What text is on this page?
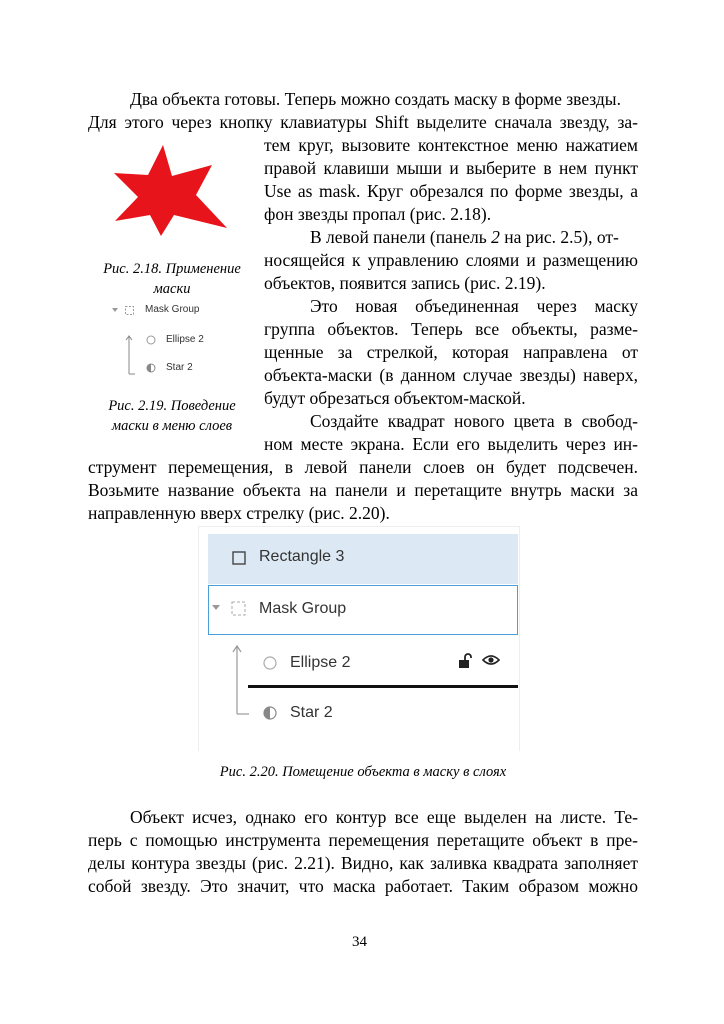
Два объекта готовы. Теперь можно создать маску в форме звезды.
Для этого через кнопку клавиатуры Shift выделите сначала звезду, за-
тем круг, вызовите контекстное меню нажатием
правой клавиши мыши и выберите в нем пункт
Use as mask. Круг обрезался по форме звезды, а
фон звезды пропал (рис. 2.18).
В левой панели (панель 2 на рис. 2.5), от-
носящейся к управлению слоями и размещению
объектов, появится запись (рис. 2.19).
Это новая объединенная через маску
группа объектов. Теперь все объекты, разме-
щенные за стрелкой, которая направлена от
объекта-маски (в данном случае звезды) наверх,
будут обрезаться объектом-маской.
Создайте квадрат нового цвета в свобод-
ном месте экрана. Если его выделить через ин-
струмент перемещения, в левой панели слоев он будет подсвечен.
Возьмите название объекта на панели и перетащите внутрь маски за
направленную вверх стрелку (рис. 2.20).
Рис. 2.18. Применение
маски
Mask Group
Ellipse 2
Star 2
Рис. 2.19. Поведение
маски в меню слоев
Rectangle 3
Mask Group
Ellipse 2
Star 2
Рис. 2.20. Помещение объекта в маску в слоях
Объект исчез, однако его контур все еще выделен на листе. Те-
перь с помощью инструмента перемещения перетащите объект в пре-
делы контура звезды (рис. 2.21). Видно, как заливка квадрата заполняет
собой звезду. Это значит, что маска работает. Таким образом можно
34
